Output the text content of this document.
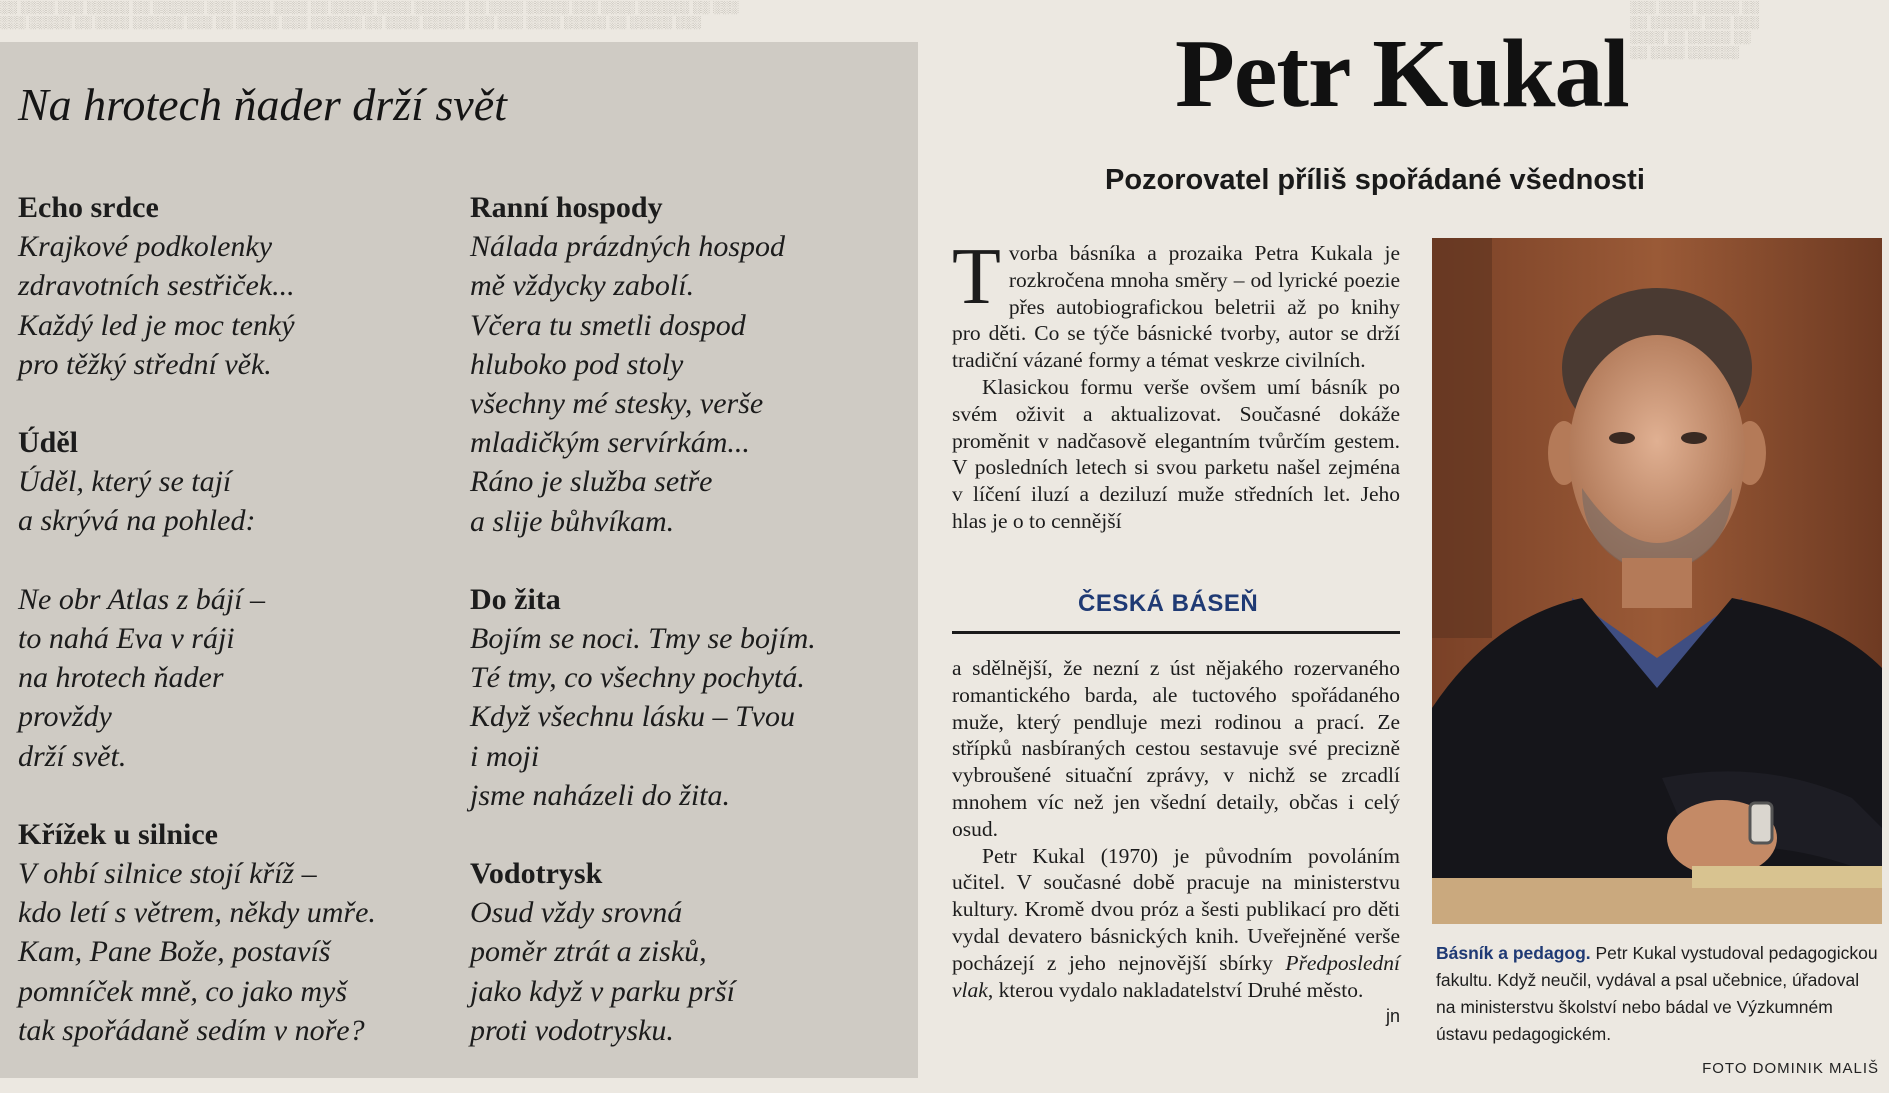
░░ ░░░░ ░░░ ░░░░░ ░░ ░░░░░░ ░░░ ░░░░ ░░░░ ░░ ░░░░░ ░░░░ ░░░░░░ ░░ ░░░░ ░░░░░ ░░░ ░░░░ ░░░░░░ ░░ ░░░

░░░ ░░░░░ ░░ ░░░░ ░░░░░░ ░░░ ░░ ░░░░░ ░░░ ░░░░░░ ░░ ░░░░ ░░░░░ ░░░ ░░░ ░░░░ ░░░░░ ░░ ░░░░░ ░░░

░░░ ░░░░ ░░░░░ ░░

░░ ░░░░░░ ░░░ ░░░

░░░░ ░░ ░░░░░ ░░

░░ ░░░░ ░░░░░░

Na hrotech ňader drží svět
Echo srdce
Krajkové podkolenky
zdravotních sestřiček...
Každý led je moc tenký
pro těžký střední věk.
Úděl
Úděl, který se tají
a skrývá na pohled:

Ne obr Atlas z bájí –
to nahá Eva v ráji
na hrotech ňader
provždy
drží svět.
Křížek u silnice
V ohbí silnice stojí kříž –
kdo letí s větrem, někdy umře.
Kam, Pane Bože, postavíš
pomníček mně, co jako myš
tak spořádaně sedím v noře?
Ranní hospody
Nálada prázdných hospod
mě vždycky zabolí.
Včera tu smetli dospod
hluboko pod stoly
všechny mé stesky, verše
mladičkým servírkám...
Ráno je služba setře
a slije bůhvíkam.
Do žita
Bojím se noci. Tmy se bojím.
Té tmy, co všechny pochytá.
Když všechnu lásku – Tvou
i moji
jsme naházeli do žita.
Vodotrysk
Osud vždy srovná
poměr ztrát a zisků,
jako když v parku prší
proti vodotrysku.
Petr Kukal
Pozorovatel příliš spořádané všednosti

Tvorba básníka a prozaika Petra Kukala je rozkročena mnoha směry – od lyrické poezie přes autobiografickou beletrii až po knihy pro děti. Co se týče básnické tvorby, autor se drží tradiční vázané formy a témat veskrze civilních.

Klasickou formu verše ovšem umí básník po svém oživit a aktualizovat. Současné dokáže proměnit v nadčasově elegantním tvůrčím gestem. V posledních letech si svou parketu našel zejména v líčení iluzí a deziluzí muže středních let. Jeho hlas je o to cennější

ČESKÁ BÁSEŇ

a sdělnější, že nezní z úst nějakého rozervaného romantického barda, ale tuctového spořádaného muže, který pendluje mezi rodinou a prací. Ze střípků nasbíraných cestou sestavuje své precizně vybroušené situační zprávy, v nichž se zrcadlí mnohem víc než jen všední detaily, občas i celý osud.

Petr Kukal (1970) je původním povoláním učitel. V současné době pracuje na ministerstvu kultury. Kromě dvou próz a šesti publikací pro děti vydal devatero básnických knih. Uveřejněné verše pocházejí z jeho nejnovější sbírky Předposlední vlak, kterou vydalo nakladatelství Druhé město.
jn

Básník a pedagog. Petr Kukal vystudoval pedagogickou fakultu. Když neučil, vydával a psal učebnice, úřadoval na ministerstvu školství nebo bádal ve Výzkumném ústavu pedagogickém.

FOTO DOMINIK MALIŠ
